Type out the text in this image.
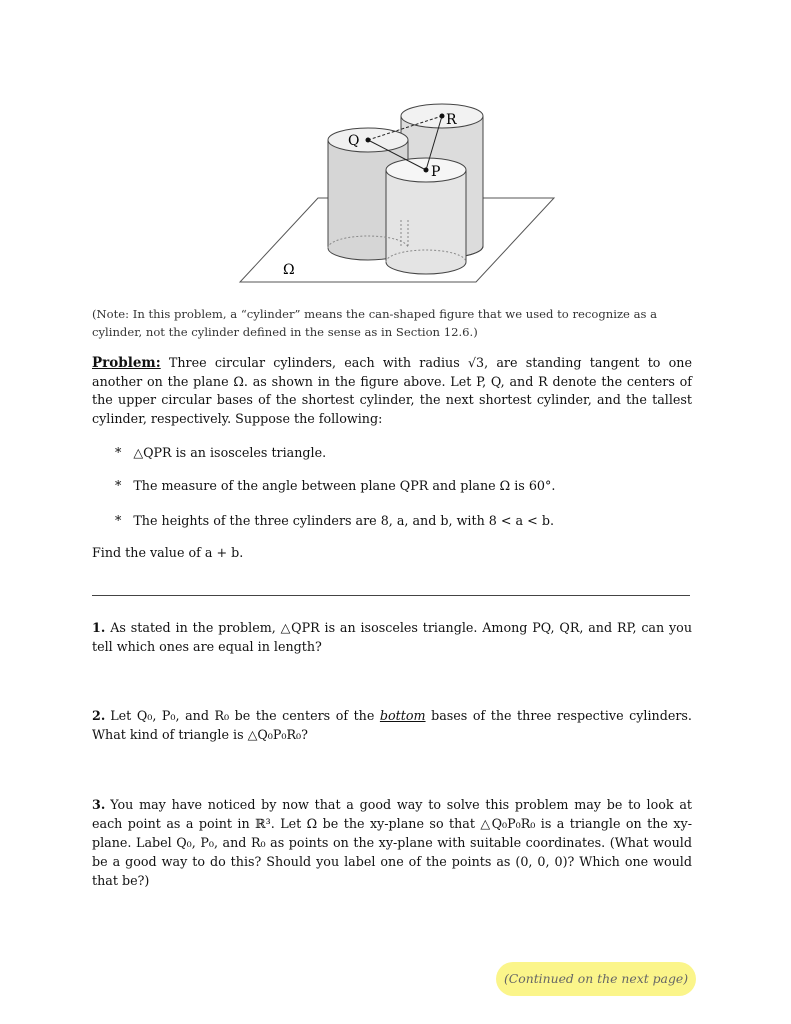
Q
R
P
Ω
(Note: In this problem, a “cylinder” means the can-shaped figure that we used to recognize as a cylinder, not the cylinder defined in the sense as in Section 12.6.)
Problem: Three circular cylinders, each with radius √3, are standing tangent to one another on the plane Ω. as shown in the figure above. Let P, Q, and R denote the centers of the upper circular bases of the shortest cylinder, the next shortest cylinder, and the tallest cylinder, respectively. Suppose the following:
* △QPR is an isosceles triangle.
* The measure of the angle between plane QPR and plane Ω is 60°.
* The heights of the three cylinders are 8, a, and b, with 8 < a < b.
Find the value of a + b.
1. As stated in the problem, △QPR is an isosceles triangle. Among PQ, QR, and RP, can you tell which ones are equal in length?
2. Let Q₀, P₀, and R₀ be the centers of the bottom bases of the three respective cylinders. What kind of triangle is △Q₀P₀R₀?
3. You may have noticed by now that a good way to solve this problem may be to look at each point as a point in ℝ³. Let Ω be the xy-plane so that △Q₀P₀R₀ is a triangle on the xy-plane. Label Q₀, P₀, and R₀ as points on the xy-plane with suitable coordinates. (What would be a good way to do this? Should you label one of the points as (0, 0, 0)? Which one would that be?)
(Continued on the next page)
